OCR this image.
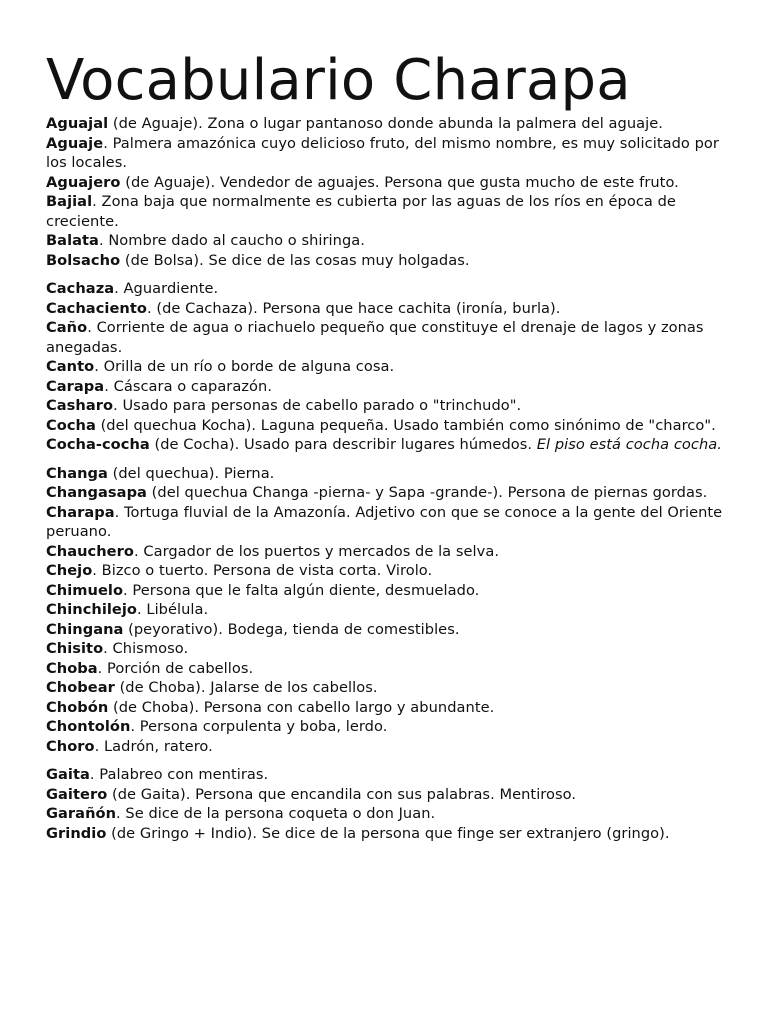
Vocabulario Charapa

Aguajal (de Aguaje). Zona o lugar pantanoso donde abunda la palmera del aguaje.

Aguaje. Palmera amazónica cuyo delicioso fruto, del mismo nombre, es muy solicitado por los locales.

Aguajero (de Aguaje). Vendedor de aguajes. Persona que gusta mucho de este fruto.

Bajial. Zona baja que normalmente es cubierta por las aguas de los ríos en época de creciente.

Balata. Nombre dado al caucho o shiringa.

Bolsacho (de Bolsa). Se dice de las cosas muy holgadas.

Cachaza. Aguardiente.

Cachaciento. (de Cachaza). Persona que hace cachita (ironía, burla).

Caño. Corriente de agua o riachuelo pequeño que constituye el drenaje de lagos y zonas anegadas.

Canto. Orilla de un río o borde de alguna cosa.

Carapa. Cáscara o caparazón.

Casharo. Usado para personas de cabello parado o "trinchudo".

Cocha (del quechua Kocha). Laguna pequeña. Usado también como sinónimo de "charco".

Cocha-cocha (de Cocha). Usado para describir lugares húmedos. El piso está cocha cocha.

Changa (del quechua). Pierna.

Changasapa (del quechua Changa -pierna- y Sapa -grande-). Persona de piernas gordas.

Charapa. Tortuga fluvial de la Amazonía. Adjetivo con que se conoce a la gente del Oriente peruano.

Chauchero. Cargador de los puertos y mercados de la selva.

Chejo. Bizco o tuerto. Persona de vista corta. Virolo.

Chimuelo. Persona que le falta algún diente, desmuelado.

Chinchilejo. Libélula.

Chingana (peyorativo). Bodega, tienda de comestibles.

Chisito. Chismoso.

Choba. Porción de cabellos.

Chobear (de Choba). Jalarse de los cabellos.

Chobón (de Choba). Persona con cabello largo y abundante.

Chontolón. Persona corpulenta y boba, lerdo.

Choro. Ladrón, ratero.

Gaita. Palabreo con mentiras.

Gaitero (de Gaita). Persona que encandila con sus palabras. Mentiroso.

Garañón. Se dice de la persona coqueta o don Juan.

Grindio (de Gringo + Indio). Se dice de la persona que finge ser extranjero (gringo).
